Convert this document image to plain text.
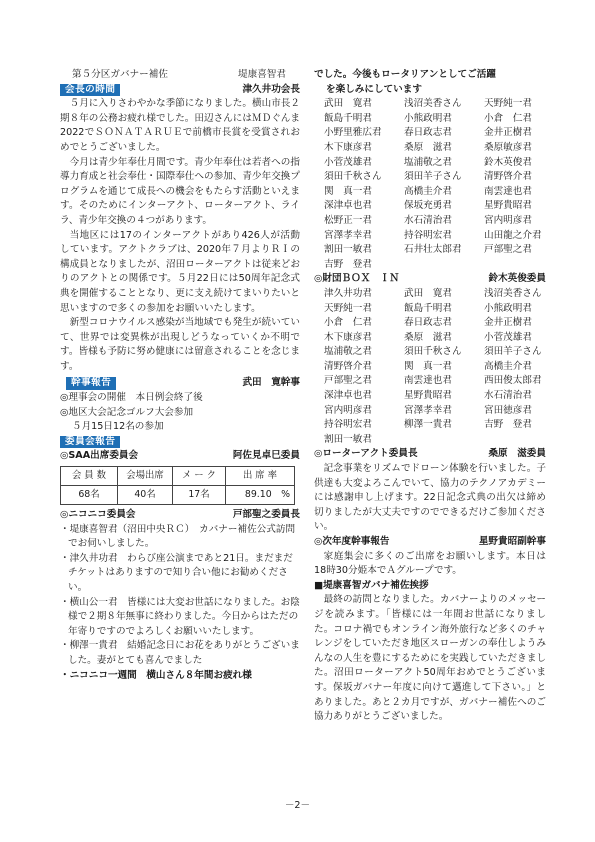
第５分区ガバナー補佐	堤康喜智君
会長の時間	津久井功会長

５月に入りさわやかな季節になりました。横山市長２期８年の公務お疲れ様でした。田辺さんにはＭＤぐんま2022でＳＯＮＡＴＡＲＵＥで前橋市長賞を受賞されおめでとうございました。

今月は青少年奉仕月間です。青少年奉仕は若者への指導力育成と社会奉仕・国際奉仕への参加、青少年交換プログラムを通じて成長への機会をもたらす活動といえます。そのためにインターアクト、ローターアクト、ライラ、青少年交換の４つがあります。

当地区には17のインターアクトがあり426人が活動しています。アクトクラブは、2020年７月よりＲＩの構成員となりましたが、沼田ローターアクトは従来どおりのアクトとの関係です。５月22日には50周年記念式典を開催することとなり、更に支え続けてまいりたいと思いますので多くの参加をお願いいたします。

新型コロナウイルス感染が当地域でも発生が続いていて、世界では変異株が出現しどうなっていくか不明です。皆様も予防に努め健康には留意されることを念じます。

幹事報告	武田　寛幹事

◎理事会の開催　本日例会終了後

◎地区大会記念ゴルフ大会参加

５月15日12名の参加

委員会報告
◎SAA出席委員会	阿佐見卓巳委員
会 員 数	会場出席	メ ー ク	出 席 率
68名	40名	17名	89.10　%
◎ニコニコ委員会	戸部聖之委員長

・堤康喜智君（沼田中央ＲＣ）　カバナー補佐公式訪問でお伺いしました。

・津久井功君　わらび座公演まであと21日。まだまだチケットはありますので知り合い他にお勧めください。

・横山公一君　皆様には大変お世話になりました。お陰様で２期８年無事に終わりました。今日からはただの年寄りですのでよろしくお願いいたします。

・柳澤一貴君　結婚記念日にお花をありがとうございました。妻がとても喜んでました

・ニコニコ一週間　横山さん８年間お疲れ様

でした。今後もロータリアンとしてご活躍

を楽しみにしています

武田　寛君	浅沼美香さん	天野純一君
飯島千明君	小熊政明君	小倉　仁君
小野里雅広君	春日政志君	金井正樹君
木下康彦君	桑原　滋君	桑原敏彦君
小菅茂雄君	塩浦敬之君	鈴木英俊君
須田千秋さん	須田羊子さん	清野啓介君
関　真一君	高橋圭介君	南雲達也君
深津卓也君	保坂充勇君	星野貴昭君
松野正一君	水石清治君	宮内明彦君
宮澤孝幸君	持谷明宏君	山田龍之介君
割田一敏君	石井壮太郎君	戸部聖之君
吉野　登君
◎財団ＢＯＸ　ＩＮ	鈴木英俊委員
津久井功君	武田　寛君	浅沼美香さん
天野純一君	飯島千明君	小熊政明君
小倉　仁君	春日政志君	金井正樹君
木下康彦君	桑原　滋君	小菅茂雄君
塩浦敬之君	須田千秋さん	須田羊子さん
清野啓介君	関　真一君	高橋圭介君
戸部聖之君	南雲達也君	西田俊太郎君
深津卓也君	星野貴昭君	水石清治君
宮内明彦君	宮澤孝幸君	宮田徳彦君
持谷明宏君	柳澤一貴君	吉野　登君
割田一敏君
◎ローターアクト委員長	桑原　滋委員

記念事業をリズムでドローン体験を行いました。子供達も大変よろこんでいて、協力のテクノアカデミーには感謝申し上げます。22日記念式典の出欠は締め切りましたが大丈夫ですのでできるだけご参加ください。

◎次年度幹事報告	星野貴昭副幹事

家庭集会に多くのご出席をお願いします。本日は18時30分姫本でＡグループです。

■堤康喜智ガバナ補佐挨拶

最終の訪問となりました。カバナーよりのメッセージを読みます。「皆様には一年間お世話になりました。コロナ禍でもオンライン海外旅行など多くのチャレンジをしていただき地区スローガンの奉仕しようみんなの人生を豊にするためにを実践していただきました。沼田ローターアクト50周年おめでとうございます。保坂ガバナー年度に向けて邁進して下さい。」とありました。あと２カ月ですが、ガバナー補佐へのご協力ありがとうございました。

－2－
